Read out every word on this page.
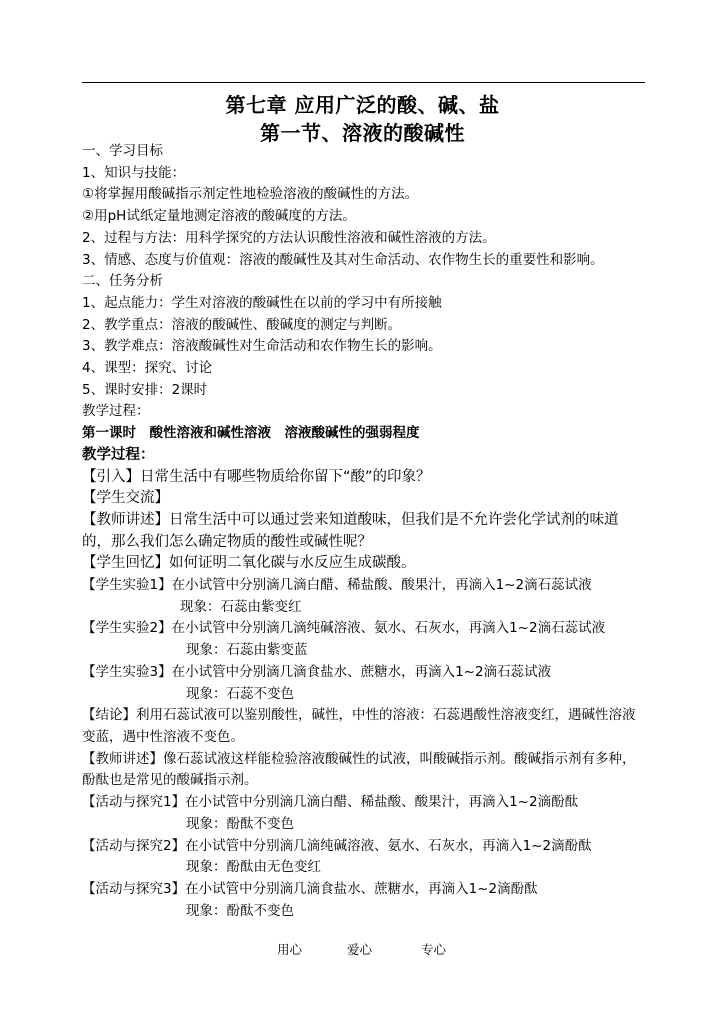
第七章 应用广泛的酸、碱、盐
第一节、溶液的酸碱性
一、学习目标
1、知识与技能：
①将掌握用酸碱指示剂定性地检验溶液的酸碱性的方法。
②用pH试纸定量地测定溶液的酸碱度的方法。
2、过程与方法：用科学探究的方法认识酸性溶液和碱性溶液的方法。
3、情感、态度与价值观：溶液的酸碱性及其对生命活动、农作物生长的重要性和影响。
二、任务分析
1、起点能力：学生对溶液的酸碱性在以前的学习中有所接触
2、教学重点：溶液的酸碱性、酸碱度的测定与判断。
3、教学难点：溶液酸碱性对生命活动和农作物生长的影响。
4、课型：探究、讨论
5、课时安排：2课时
教学过程：
第一课时　酸性溶液和碱性溶液　溶液酸碱性的强弱程度
教学过程：
【引入】日常生活中有哪些物质给你留下“酸”的印象？
【学生交流】
【教师讲述】日常生活中可以通过尝来知道酸味，但我们是不允许尝化学试剂的味道的，那么我们怎么确定物质的酸性或碱性呢？
【学生回忆】如何证明二氧化碳与水反应生成碳酸。
【学生实验1】在小试管中分别滴几滴白醋、稀盐酸、酸果汁，再滴入1~2滴石蕊试液
现象：石蕊由紫变红
【学生实验2】在小试管中分别滴几滴纯碱溶液、氨水、石灰水，再滴入1~2滴石蕊试液
现象：石蕊由紫变蓝
【学生实验3】在小试管中分别滴几滴食盐水、蔗糖水，再滴入1~2滴石蕊试液
现象：石蕊不变色
【结论】利用石蕊试液可以鉴别酸性，碱性，中性的溶液：石蕊遇酸性溶液变红，遇碱性溶液变蓝，遇中性溶液不变色。
【教师讲述】像石蕊试液这样能检验溶液酸碱性的试液，叫酸碱指示剂。酸碱指示剂有多种，酚酞也是常见的酸碱指示剂。
【活动与探究1】在小试管中分别滴几滴白醋、稀盐酸、酸果汁，再滴入1~2滴酚酞
现象：酚酞不变色
【活动与探究2】在小试管中分别滴几滴纯碱溶液、氨水、石灰水，再滴入1~2滴酚酞
现象：酚酞由无色变红
【活动与探究3】在小试管中分别滴几滴食盐水、蔗糖水，再滴入1~2滴酚酞
现象：酚酞不变色
用心	爱心	专心
